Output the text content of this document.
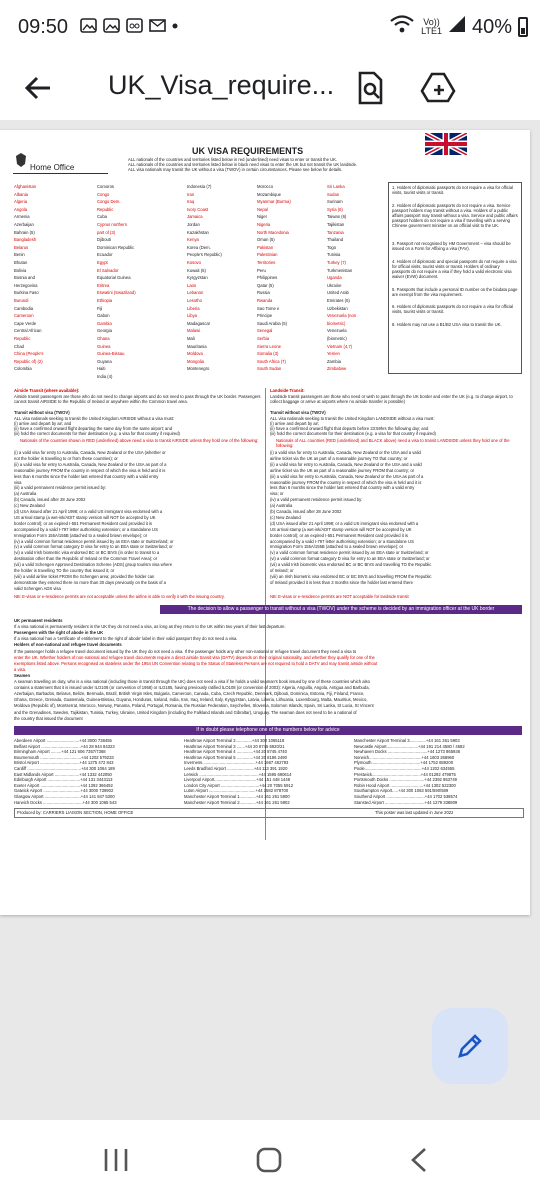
09:50	Vo))
LTE1 40%
UK_Visa_require...
Home Office
UK VISA REQUIREMENTS
ALL nationals of the countries and territories listed below in red (underlined) need visas to enter or transit the UK.
ALL nationals of the countries and territories listed below in black need visas to enter the UK but not transit the UK landside.
ALL visa nationals may transit the UK without a visa (TWOV) in certain circumstances. Please see below for details.
Afghanistan
Albania
Algeria
Angola
Armenia
Azerbaijan
Bahrain (5)
Bangladesh
Belarus
Benin
Bhutan
Bolivia
Bosnia and
Herzegovina
Burkina Faso
Burundi
Cambodia
Cameroon
Cape Verde
Central African
Republic
Chad
China (People's
Republic of) (2)
Colombia
Comoros
Congo
Congo Dem.
Republic
Cuba
Cyprus northern
part of (3)
Djibouti
Dominican Republic
Ecuador
Egypt
El Salvador
Equatorial Guinea
Eritrea
Eswatini (Swaziland)
Ethiopia
Fiji
Gabon
Gambia
Georgia
Ghana
Guinea
Guinea-Bissau
Guyana
Haiti
India (4)
Indonesia (7)
Iran
Iraq
Ivory Coast
Jamaica
Jordan
Kazakhstan
Kenya
Korea (Dem.
People's Republic)
Kosovo
Kuwait (5)
Kyrgyzstan
Laos
Lebanon
Lesotho
Liberia
Libya
Madagascar
Malawi
Mali
Mauritania
Moldova
Mongolia
Montenegro
Morocco
Mozambique
Myanmar (Burma)
Nepal
Niger
Nigeria
North Macedonia
Oman (5)
Pakistan
Palestinian
Territories
Peru
Philippines
Qatar (5)
Russia
Rwanda
Sao Tome e
Principe
Saudi Arabia (5)
Senegal
Serbia
Sierra Leone
Somalia (3)
South Africa (7)
South Sudan
Sri Lanka
Sudan
Surinam
Syria (6)
Taiwan (6)
Tajikistan
Tanzania
Thailand
Togo
Tunisia
Turkey (7)
Turkmenistan
Uganda
Ukraine
United Arab
Emirates (5)
Uzbekistan
Venezuela (non
biometric)
Venezuela
(biometric)
Vietnam (4,7)
Yemen
Zambia
Zimbabwe
1. Holders of diplomatic passports do not require a visa for official visits, tourist visits or transit.
2. Holders of diplomatic passports do not require a visa. Service passport holders may transit without a visa. Holders of a public affairs passport may transit without a visa. Service and public affairs passport holders do not require a visa if travelling with a serving Chinese government minister on an official visit to the UK.
3. Passport not recognised by HM Government – visa should be issued on a Form for Affixing a visa (FAV).
4. Holders of diplomatic and special passports do not require a visa for official visits, tourist visits or transit. Holders of ordinary passports do not require a visa if they hold a valid electronic visa waiver (EVW) document.
5. Passports that include a personal ID number on the biodata page are exempt from the visa requirement.
6. Holders of diplomatic passports do not require a visa for official visits, tourist visits or transit.
8. Holders may not use a B1/B2 USA visa to transit the UK.
Airside Transit (where available):	Landside Transit:
Airside transit passengers are those who do not need to change airports and do not need to pass through the UK border. Passengers cannot transit AIRSIDE to the Republic of Ireland or anywhere within the Common travel area.
Landside transit passengers are those who need or wish to pass through the UK border and enter the UK (e.g. to change airport, to collect baggage or arrive at airports where no airside transfer is possible)
Transit without visa (TWOV)	Transit without visa (TWOV)
ALL visa nationals seeking to transit the United Kingdom AIRSIDE without a visa must:
(i) arrive and depart by air; and
(ii) have a confirmed onward flight departing the same day from the same airport; and
(iii) hold the correct documents for their destination (e.g. a visa for that country if required)
ALL visa nationals seeking to transit the United Kingdom LANDSIDE without a visa must:
(i) arrive and depart by air;
(ii) have a confirmed onward flight that departs before 23:59hrs the following day; and
(iii) hold the correct documents for their destination (e.g. a visa for that country if required)
Nationals of the countries shown in RED (underlined) above need a visa to transit AIRSIDE unless they hold one of the following:	Nationals of ALL countries (RED (underlined) and BLACK above) need a visa to transit LANDSIDE unless they hold one of the following:
(i) a valid visa for entry to Australia, Canada, New Zealand or the USA (whether or
not the holder is travelling to or from these countries); or
(ii) a valid visa for entry to Australia, Canada, New Zealand or the USA as part of a
reasonable journey FROM the country in respect of which the visa is held and it is
less than 6 months since the holder last entered that country with a valid entry
visa
(iii) a valid permanent residence permit issued by:
(a) Australia
(b) Canada, issued after 28 June 2002
(c) New Zealand
(d) USA issued after 21 April 1998; or a valid US immigrant visa endorsed with a
US arrival stamp (a wet-ink/ADIT stamp version will NOT be accepted by UK
border control); or an expired I-551 Permanent Resident card provided it is
accompanied by a valid I-797 letter authorising extension; or a standalone US
Immigration Form 155A/155B (attached to a sealed brown envelope); or
(iv) a valid common format residence permit issued by an EEA state or Switzerland; or
(v) a valid common format category D visa for entry to an EEA state or Switzerland; or
(vi) a valid Irish biometric visa endorsed BC or BC BIVS (in order to transit to a
destination other than the Republic of Ireland or the Common Travel Area); or
(vii) a valid Schengen Approved Destination Scheme (ADS) group tourism visa where
the holder is travelling TO the country that issued it; or
(viii) a valid airline ticket FROM the Schengen area; provided the holder can
demonstrate they entered there no more than 30 days previously on the basis of a
valid Schengen ADS visa
(i) a valid visa for entry to Australia, Canada, New Zealand or the USA and a valid
airline ticket via the UK as part of a reasonable journey TO that country; or
(ii) a valid visa for entry to Australia, Canada, New Zealand or the USA and a valid
airline ticket via the UK as part of a reasonable journey FROM that country; or
(iii) a valid visa for entry to Australia, Canada, New Zealand or the USA as part of a
reasonable journey FROM the country in respect of which the visa is held and it is
less than 6 months since the holder last entered that country with a valid entry
visa; or
(iv) a valid permanent residence permit issued by:
(a) Australia
(b) Canada, issued after 28 June 2002
(c) New Zealand
(d) USA issued after 21 April 1998; or a valid US immigrant visa endorsed with a
US arrival stamp (a wet-ink/ADIT stamp version will NOT be accepted by UK
border control); or an expired I-551 Permanent Resident card provided it is
accompanied by a valid I-797 letter authorising extension; or a standalone US
Immigration Form 155A/155B (attached to a sealed brown envelope); or
(v) a valid common format residence permit issued by an EEA state or Switzerland; or
(vi) a valid common format category D visa for entry to an EEA state or Switzerland; or
(vii) a valid Irish biometric visa endorsed BC or BC BIVS and travelling TO the Republic
of Ireland; or
(viii) an Irish biometric visa endorsed BC or BC BIVS and travelling FROM the Republic
of Ireland provided it is less than 3 months since the holder last entered there
NB: E-visas or e-residence permits are not acceptable unless the airline is able to verify it with the issuing country.	NB: E-visas or e-residence permits are NOT acceptable for landside transit
The decision to allow a passenger to transit without a visa (TWOV) under the scheme is decided by an immigration officer at the UK border
UK permanent residents
If a visa national is permanently resident in the UK they do not need a visa, as long as they return to the UK within two years of their last departure.
Passengers with the right of abode in the UK
If a visa national has a 'certificate of entitlement to the right of abode' label in their valid passport they do not need a visa.
Holders of non-national and refugee travel documents
If the passenger holds a refugee travel document issued by the UK they do not need a visa. If the passenger holds any other non-national or refugee travel document they need a visa to
enter the UK. Whether holders of non-national and refugee travel documents require a direct airside transit visa (DATV) depends on their original nationality, and whether they qualify for one of the
exemptions listed above. Persons recognised as stateless under the 1954 UN Convention relating to the Status of Stateless Persons are not required to hold a DATV and may transit airside without
a visa.
Seamen
A seaman travelling on duty, who is a visa national (including those in transit through the UK) does not need a visa if he holds a valid seaman's book issued by one of these countries which also
contains a statement that it is issued under ILO108 (or convention of 1958) or ILO185, having previously ratified ILO108 (or convention of 2003): Algeria, Anguilla, Angola, Antigua and Barbuda,
Azerbaijan, Barbados, Belarus, Belize, Bermuda, Brazil, British Virgin Isles, Bulgaria, Cameroon, Canada, Cuba, Czech Republic, Denmark, Djibouti, Dominica, Estonia, Fiji, Finland, France,
Ghana, Greece, Grenada, Guatemala, Guinea-Bissau, Guyana, Honduras, Iceland, India, Iran, Iraq, Ireland, Italy, Kyrgyzstan, Latvia, Liberia, Lithuania, Luxembourg, Malta, Mauritius, Mexico,
Moldova (Republic of), Montserrat, Morocco, Norway, Panama, Poland, Portugal, Romania, the Russian Federation, Seychelles, Slovenia, Solomon Islands, Spain, Sri Lanka, St Lucia, St Vincent
and the Grenadines, Sweden, Tajikistan, Tunisia, Turkey, Ukraine, United Kingdom (including the Falkland Islands and Gibraltar), Uruguay. The seaman does not need to be a national of
the country that issued the document
If in doubt please telephone one of the numbers below for advice
Aberdeen Airport ............................+44 3000 738455
Belfast Airport ..................................+44 28 944 84323
Birmingham Airport .........+44 121 606 7357/7368
Bournemouth ...................................+44 1202 579233
Bristol Airport ..................................+44 1275 472 843
Cardiff ..............................................+44 300 1064 189
East Midlands Airport .....................+44 1332 442050
Edinburgh Airport ............................+44 131 3443113
Exeter Airport ..................................+44 1392 366492
Gatwick Airport ................................+44 3000 739902
Glasgow Airport ...............................+44 141 847 5300
Harwich Docks ..................................+44 300 1065 543
Heathrow Airport Terminal 2..............+44 300 1065118
Heathrow Airport Terminal 3 .......+44 20 8745 6920/21
Heathrow Airport Terminal 4 ..............+44 20 8745 4740
Heathrow Airport Terminal 5 ..............+44 20 8196 2490
Inverness..............................................+44 1667 462793
Leeds Bradford Airport .......................+44 113 391 1920
Lerwick ...................................................+44 1595 690614
Liverpool Airport....................................+44 151 448 1448
London City Airport .................................+44 20 7055 5912
Luton Airport ........................................+44 1582 878700
Manchester Airport Terminal 1..............+44 161 261 5900
Manchester Airport Terminal 2..............+44 161 261 5902
Manchester Airport Terminal 3..............+44 161 261 5903
Newcastle Airport...........................+44 191 214 4580 / 4582
Newhaven Docks ..................................+44 1273 865936
Norwich.............................................+44 1603 268960
Plymouth..........................................+44 1752 689200
Poole.................................................+44 1202 634555
Prestwick..........................................+44 01292 479875
Portsmouth Docks ..............................+44 2392 953749
Robin Hood Airport ............................+44 1302 522300
Southampton Airport.....+44 300 1063 591/590/589
Southend Airport .................................+44 1702 538574
Stansted Airport ..................................+44 1279 338809
Produced by: CARRIERS LIAISON SECTION, HOME OFFICE	This poster was last updated in June 2022
